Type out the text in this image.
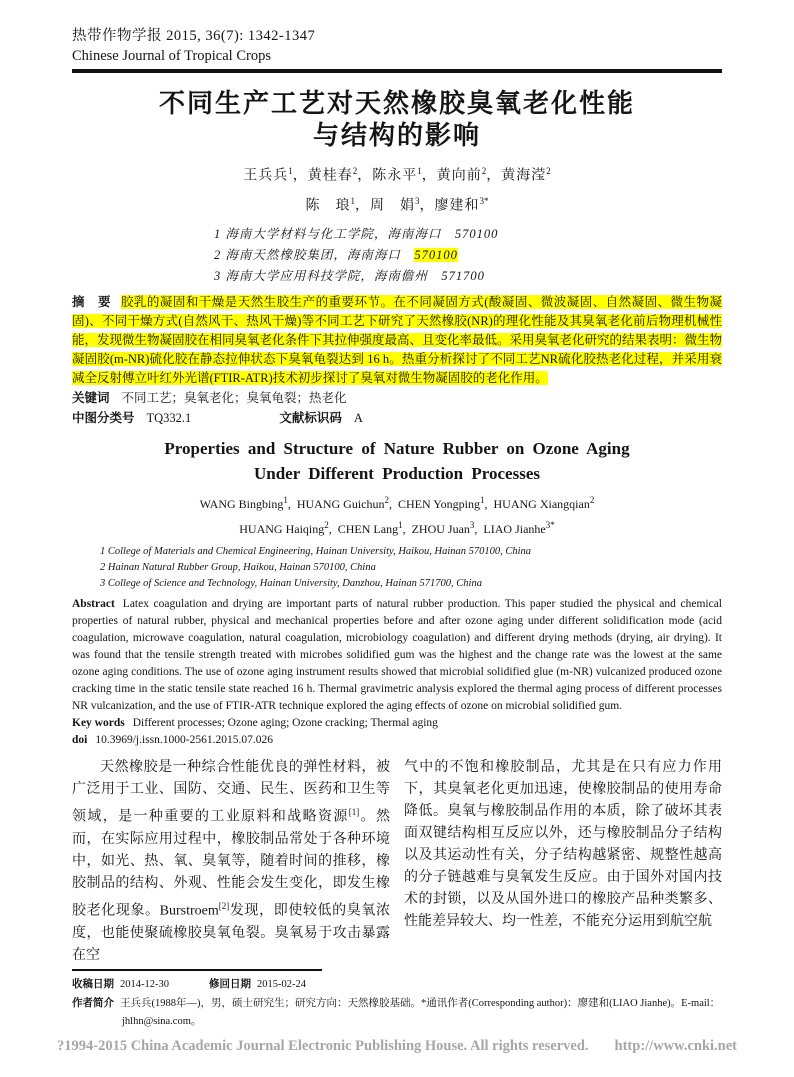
热带作物学报 2015, 36(7): 1342-1347
Chinese Journal of Tropical Crops
不同生产工艺对天然橡胶臭氧老化性能
与结构的影响
王兵兵$^1$，黄桂春$^2$，陈永平$^1$，黄向前$^2$，黄海滢$^2$
陈　琅$^1$，周　娟$^3$，廖建和$^{3*}$
1 海南大学材料与化工学院，海南海口　570100
2 海南天然橡胶集团，海南海口　570100
3 海南大学应用科技学院，海南儋州　571700

摘　要 胶乳的凝固和干燥是天然生胶生产的重要环节。在不同凝固方式(酸凝固、微波凝固、自然凝固、微生物凝固)、不同干燥方式(自然风干、热风干燥)等不同工艺下研究了天然橡胶(NR)的理化性能及其臭氧老化前后物理机械性能，发现微生物凝固胶在相同臭氧老化条件下其拉伸强度最高、且变化率最低。采用臭氧老化研究的结果表明：微生物凝固胶(m-NR)硫化胶在静态拉伸状态下臭氧龟裂达到 16 h。热重分析探讨了不同工艺NR硫化胶热老化过程，并采用衰减全反射傅立叶红外光谱(FTIR-ATR)技术初步探讨了臭氧对微生物凝固胶的老化作用。

关键词 不同工艺；臭氧老化；臭氧龟裂；热老化

中图分类号 TQ332.1	文献标识码 A

Properties and Structure of Nature Rubber on Ozone Aging
Under Different Production Processes
WANG Bingbing$^1$, HUANG Guichun$^2$, CHEN Yongping$^1$, HUANG Xiangqian$^2$
HUANG Haiqing$^2$, CHEN Lang$^1$, ZHOU Juan$^3$, LIAO Jianhe$^{3*}$
1 College of Materials and Chemical Engineering, Hainan University, Haikou, Hainan 570100, China
2 Hainan Natural Rubber Group, Haikou, Hainan 570100, China
3 College of Science and Technology, Hainan University, Danzhou, Hainan 571700, China

Abstract Latex coagulation and drying are important parts of natural rubber production. This paper studied the physical and chemical properties of natural rubber, physical and mechanical properties before and after ozone aging under different solidification mode (acid coagulation, microwave coagulation, natural coagulation, microbiology coagulation) and different drying methods (drying, air drying). It was found that the tensile strength treated with microbes solidified gum was the highest and the change rate was the lowest at the same ozone aging conditions. The use of ozone aging instrument results showed that microbial solidified glue (m-NR) vulcanized produced ozone cracking time in the static tensile state reached 16 h. Thermal gravimetric analysis explored the thermal aging process of different processes NR vulcanization, and the use of FTIR-ATR technique explored the aging effects of ozone on microbial solidified gum.

Key words Different processes; Ozone aging; Ozone cracking; Thermal aging

doi 10.3969/j.issn.1000-2561.2015.07.026

天然橡胶是一种综合性能优良的弹性材料，被广泛用于工业、国防、交通、民生、医药和卫生等领域，是一种重要的工业原料和战略资源[1]。然而，在实际应用过程中，橡胶制品常处于各种环境中，如光、热、氧、臭氧等，随着时间的推移，橡胶制品的结构、外观、性能会发生变化，即发生橡胶老化现象。Burstroem[2]发现，即使较低的臭氧浓度，也能使聚硫橡胶臭氧龟裂。臭氧易于攻击暴露在空

气中的不饱和橡胶制品，尤其是在只有应力作用下，其臭氧老化更加迅速，使橡胶制品的使用寿命降低。臭氧与橡胶制品作用的本质，除了破坏其表面双键结构相互反应以外，还与橡胶制品分子结构以及其运动性有关，分子结构越紧密、规整性越高的分子链越难与臭氧发生反应。由于国外对国内技术的封锁，以及从国外进口的橡胶产品种类繁多、性能差异较大、均一性差，不能充分运用到航空航

收稿日期 2014-12-30	修回日期 2015-02-24
作者简介 王兵兵(1988年—)，男，硕士研究生；研究方向：天然橡胶基础。*通讯作者(Corresponding author)：廖建和(LIAO Jianhe)。E-mail：jhlhn@sina.com。
?1994-2015 China Academic Journal Electronic Publishing House. All rights reserved. http://www.cnki.net
